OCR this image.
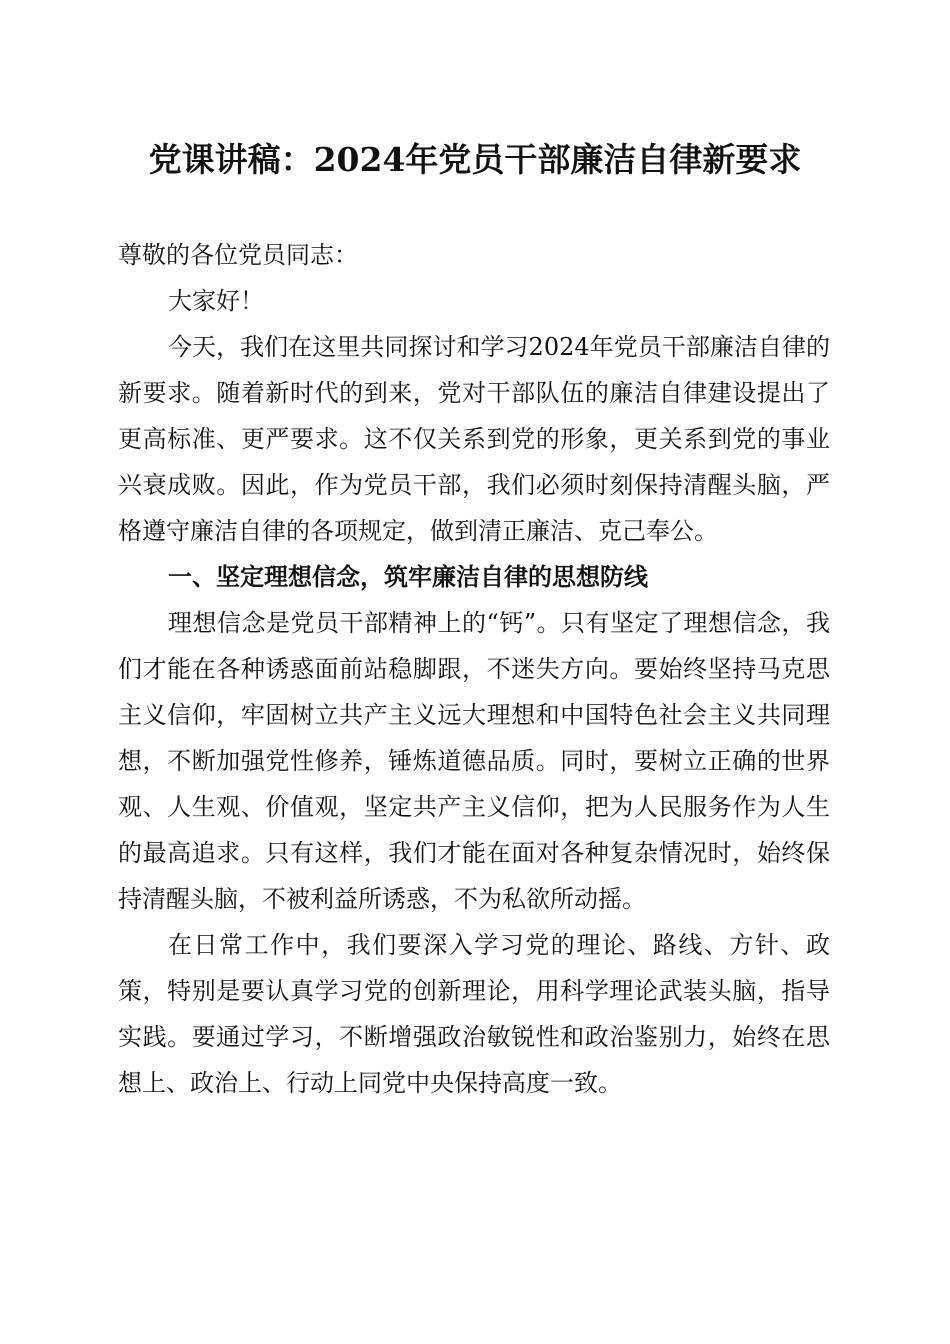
党课讲稿：2024年党员干部廉洁自律新要求

尊敬的各位党员同志：

大家好！

今天，我们在这里共同探讨和学习2024年党员干部廉洁自律的新要求。随着新时代的到来，党对干部队伍的廉洁自律建设提出了更高标准、更严要求。这不仅关系到党的形象，更关系到党的事业兴衰成败。因此，作为党员干部，我们必须时刻保持清醒头脑，严格遵守廉洁自律的各项规定，做到清正廉洁、克己奉公。

一、坚定理想信念，筑牢廉洁自律的思想防线

理想信念是党员干部精神上的“钙”。只有坚定了理想信念，我们才能在各种诱惑面前站稳脚跟，不迷失方向。要始终坚持马克思主义信仰，牢固树立共产主义远大理想和中国特色社会主义共同理想，不断加强党性修养，锤炼道德品质。同时，要树立正确的世界观、人生观、价值观，坚定共产主义信仰，把为人民服务作为人生的最高追求。只有这样，我们才能在面对各种复杂情况时，始终保持清醒头脑，不被利益所诱惑，不为私欲所动摇。

在日常工作中，我们要深入学习党的理论、路线、方针、政策，特别是要认真学习党的创新理论，用科学理论武装头脑，指导实践。要通过学习，不断增强政治敏锐性和政治鉴别力，始终在思想上、政治上、行动上同党中央保持高度一致。
